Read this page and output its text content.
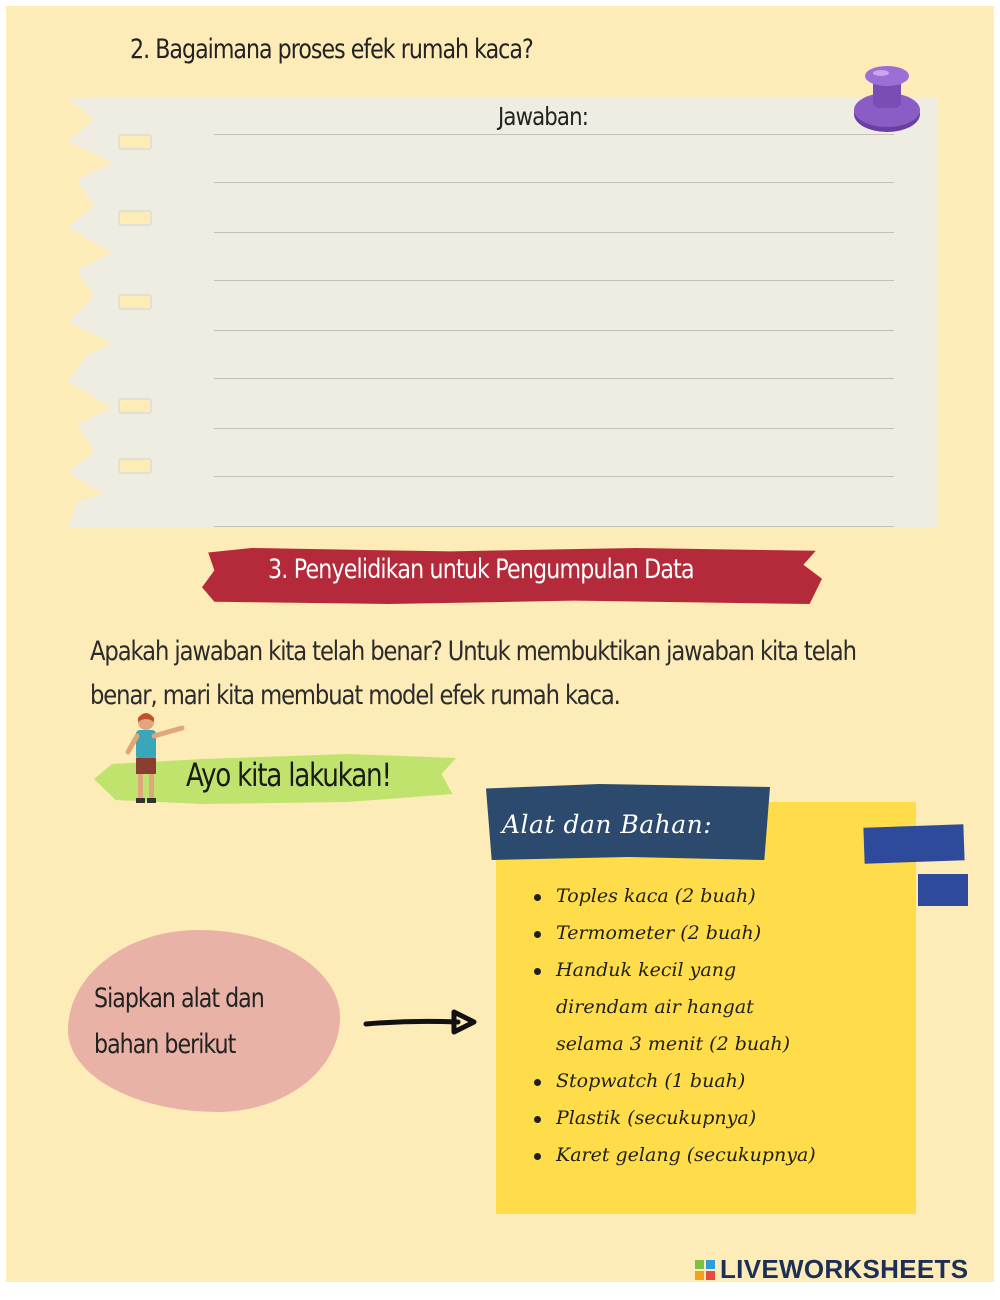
2. Bagaimana proses efek rumah kaca?
Jawaban:
3. Penyelidikan untuk Pengumpulan Data
Apakah jawaban kita telah benar? Untuk membuktikan jawaban kita telah
benar, mari kita membuat model efek rumah kaca.
Ayo kita lakukan!
Siapkan alat dan
bahan berikut
Alat dan Bahan:
Toples kaca (2 buah)
Termometer (2 buah)
Handuk kecil yang
direndam air hangat
selama 3 menit (2 buah)
Stopwatch (1 buah)
Plastik (secukupnya)
Karet gelang (secukupnya)
LIVEWORKSHEETS
